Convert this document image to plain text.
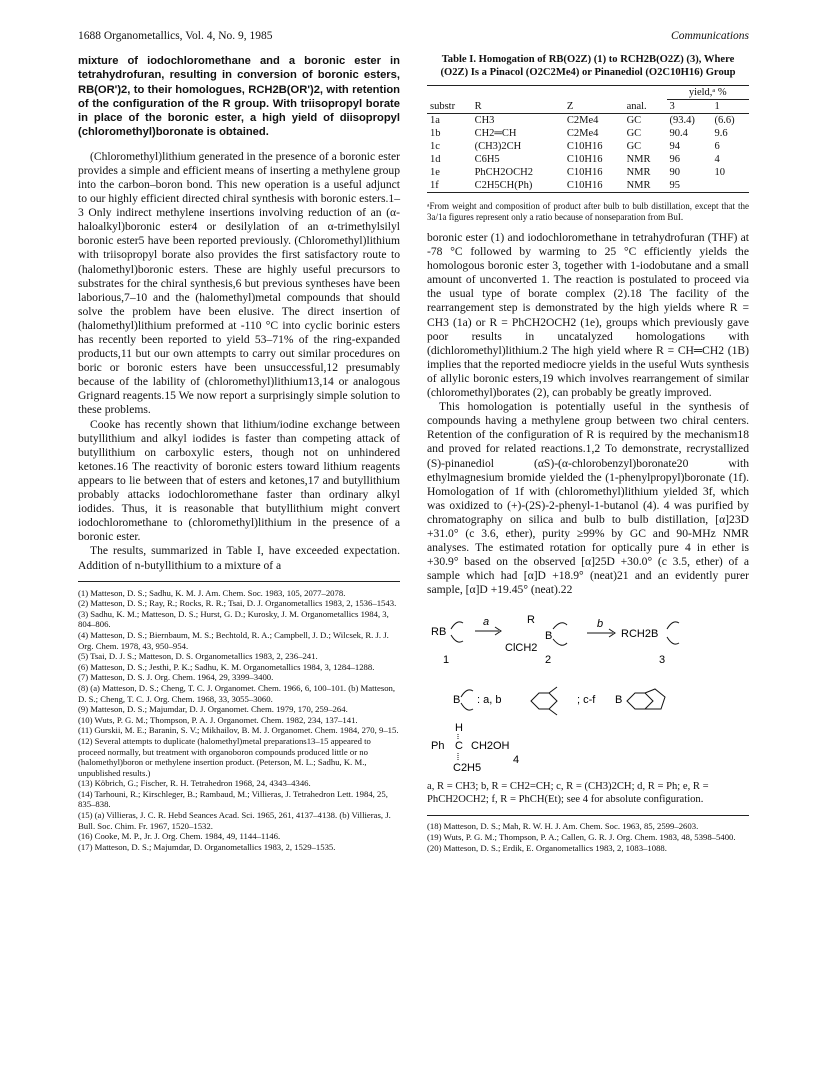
1688 Organometallics, Vol. 4, No. 9, 1985	Communications

mixture of iodochloromethane and a boronic ester in tetrahydrofuran, resulting in conversion of boronic esters, RB(OR')2, to their homologues, RCH2B(OR')2, with retention of the configuration of the R group. With triisopropyl borate in place of the boronic ester, a high yield of diisopropyl (chloromethyl)boronate is obtained.

(Chloromethyl)lithium generated in the presence of a boronic ester provides a simple and efficient means of inserting a methylene group into the carbon–boron bond. This new operation is a useful adjunct to our highly efficient directed chiral synthesis with boronic esters.1–3 Only indirect methylene insertions involving reduction of an (α-haloalkyl)boronic ester4 or desilylation of an α-trimethylsilyl boronic ester5 have been reported previously. (Chloromethyl)lithium with triisopropyl borate also provides the first satisfactory route to (halomethyl)boronic esters. These are highly useful precursors to substrates for the chiral synthesis,6 but previous syntheses have been laborious,7–10 and the (halomethyl)metal compounds that should solve the problem have been elusive. The direct insertion of (halomethyl)lithium preformed at -110 °C into cyclic borinic esters has recently been reported to yield 53–71% of the ring-expanded products,11 but our own attempts to carry out similar procedures on boric or boronic esters have been unsuccessful,12 presumably because of the lability of (chloromethyl)lithium13,14 or analogous Grignard reagents.15 We now report a surprisingly simple solution to these problems.

Cooke has recently shown that lithium/iodine exchange between butyllithium and alkyl iodides is faster than competing attack of butyllithium on carboxylic esters, though not on unhindered ketones.16 The reactivity of boronic esters toward lithium reagents appears to lie between that of esters and ketones,17 and butyllithium probably attacks iodochloromethane faster than ordinary alkyl iodides. Thus, it is reasonable that butyllithium might convert iodochloromethane to (chloromethyl)lithium in the presence of a boronic ester.

The results, summarized in Table I, have exceeded expectation. Addition of n-butyllithium to a mixture of a

(1) Matteson, D. S.; Sadhu, K. M. J. Am. Chem. Soc. 1983, 105, 2077–2078.
(2) Matteson, D. S.; Ray, R.; Rocks, R. R.; Tsai, D. J. Organometallics 1983, 2, 1536–1543.
(3) Sadhu, K. M.; Matteson, D. S.; Hurst, G. D.; Kurosky, J. M. Organometallics 1984, 3, 804–806.
(4) Matteson, D. S.; Biernbaum, M. S.; Bechtold, R. A.; Campbell, J. D.; Wilcsek, R. J. J. Org. Chem. 1978, 43, 950–954.
(5) Tsai, D. J. S.; Matteson, D. S. Organometallics 1983, 2, 236–241.
(6) Matteson, D. S.; Jesthi, P. K.; Sadhu, K. M. Organometallics 1984, 3, 1284–1288.
(7) Matteson, D. S. J. Org. Chem. 1964, 29, 3399–3400.
(8) (a) Matteson, D. S.; Cheng, T. C. J. Organomet. Chem. 1966, 6, 100–101. (b) Matteson, D. S.; Cheng, T. C. J. Org. Chem. 1968, 33, 3055–3060.
(9) Matteson, D. S.; Majumdar, D. J. Organomet. Chem. 1979, 170, 259–264.
(10) Wuts, P. G. M.; Thompson, P. A. J. Organomet. Chem. 1982, 234, 137–141.
(11) Gurskii, M. E.; Baranin, S. V.; Mikhailov, B. M. J. Organomet. Chem. 1984, 270, 9–15.
(12) Several attempts to duplicate (halomethyl)metal preparations13–15 appeared to proceed normally, but treatment with organoboron compounds produced little or no (halomethyl)boron or methylene insertion product. (Peterson, M. L.; Sadhu, K. M., unpublished results.)
(13) Köbrich, G.; Fischer, R. H. Tetrahedron 1968, 24, 4343–4346.
(14) Tarhouni, R.; Kirschleger, B.; Rambaud, M.; Villieras, J. Tetrahedron Lett. 1984, 25, 835–838.
(15) (a) Villieras, J. C. R. Hebd Seances Acad. Sci. 1965, 261, 4137–4138. (b) Villieras, J. Bull. Soc. Chim. Fr. 1967, 1520–1532.
(16) Cooke, M. P., Jr. J. Org. Chem. 1984, 49, 1144–1146.
(17) Matteson, D. S.; Majumdar, D. Organometallics 1983, 2, 1529–1535.
Table I. Homogation of RB(O2Z) (1) to RCH2B(O2Z) (3), Where (O2Z) Is a Pinacol (O2C2Me4) or Pinanediol (O2C10H16) Group
				yield,ᵃ %	
substr	R	Z	anal.	3	1
1a	CH3	C2Me4	GC	(93.4)	(6.6)
1b	CH2═CH	C2Me4	GC	90.4	9.6
1c	(CH3)2CH	C10H16	GC	94	6
1d	C6H5	C10H16	NMR	96	4
1e	PhCH2OCH2	C10H16	NMR	90	10
1f	C2H5CH(Ph)	C10H16	NMR	95	
ᵃFrom weight and composition of product after bulb to bulb distillation, except that the 3a/1a figures represent only a ratio because of nonseparation from BuI.

boronic ester (1) and iodochloromethane in tetrahydrofuran (THF) at -78 °C followed by warming to 25 °C efficiently yields the homologous boronic ester 3, together with 1-iodobutane and a small amount of unconverted 1. The reaction is postulated to proceed via the usual type of borate complex (2).18 The facility of the rearrangement step is demonstrated by the high yields where R = CH3 (1a) or R = PhCH2OCH2 (1e), groups which previously gave poor results in uncatalyzed homologations with (dichloromethyl)lithium.2 The high yield where R = CH═CH2 (1B) implies that the reported mediocre yields in the useful Wuts synthesis of allylic boronic esters,19 which involves rearrangement of similar (chloromethyl)borates (2), can probably be greatly improved.

This homologation is potentially useful in the synthesis of compounds having a methylene group between two chiral centers. Retention of the configuration of R is required by the mechanism18 and proved for related reactions.1,2 To demonstrate, recrystallized (S)-pinanediol (αS)-(α-chlorobenzyl)boronate20 with ethylmagnesium bromide yielded the (1-phenylpropyl)boronate (1f). Homologation of 1f with (chloromethyl)lithium yielded 3f, which was oxidized to (+)-(2S)-2-phenyl-1-butanol (4). 4 was purified by chromatography on silica and bulb to bulb distillation, [α]23D +31.0° (c 3.6, ether), purity ≥99% by GC and 90-MHz NMR analyses. The estimated rotation for optically pure 4 in ether is +30.9° based on the observed [α]25D +30.0° (c 3.5, ether) of a sample which had [α]D +18.9° (neat)21 and an evidently purer sample, [α]D +19.45° (neat).22

RB
1
a	R
ClCH2
B
2
b
RCH2B
3
B : a, b	; c-f B
H
Ph C CH2OH
C2H5
4
a, R = CH3; b, R = CH2=CH; c, R = (CH3)2CH; d, R = Ph; e, R = PhCH2OCH2; f, R = PhCH(Et); see 4 for absolute configuration.
(18) Matteson, D. S.; Mah, R. W. H. J. Am. Chem. Soc. 1963, 85, 2599–2603.
(19) Wuts, P. G. M.; Thompson, P. A.; Callen, G. R. J. Org. Chem. 1983, 48, 5398–5400.
(20) Matteson, D. S.; Erdik, E. Organometallics 1983, 2, 1083–1088.
